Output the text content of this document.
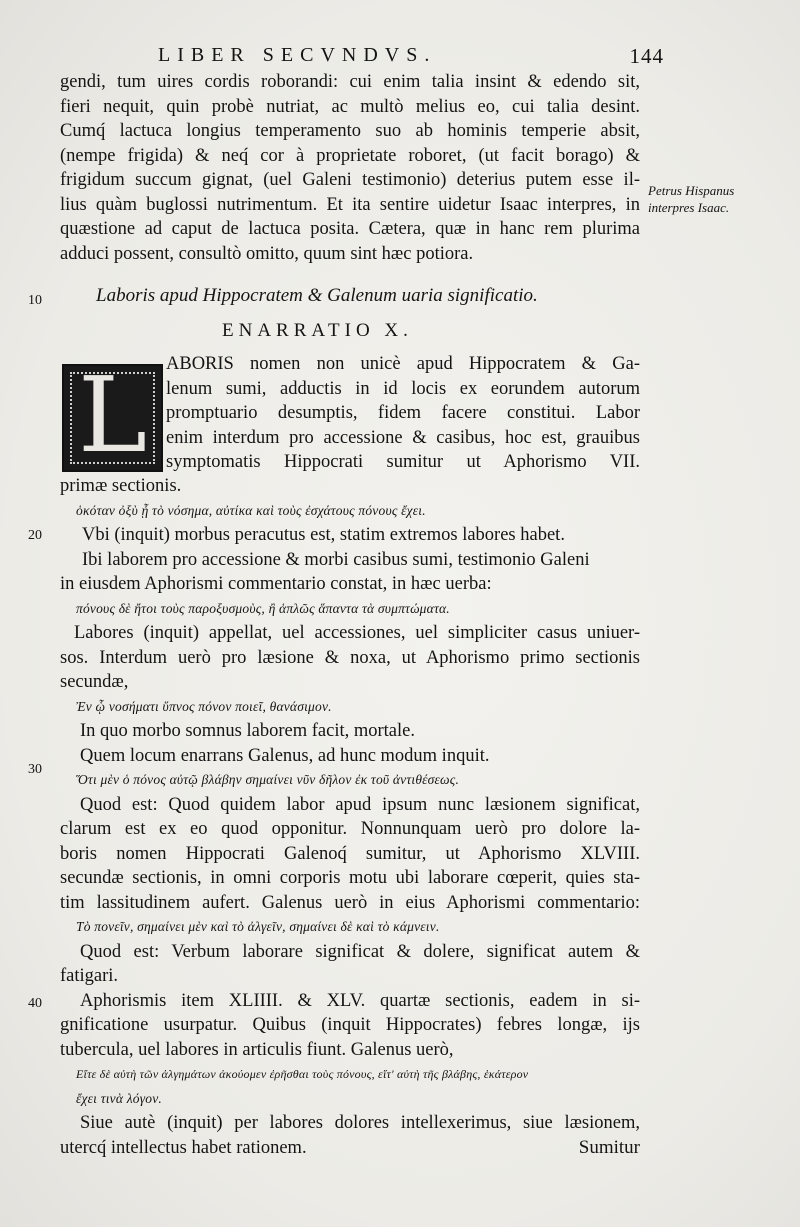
LIBER SECVNDVS.	144
gendi, tum uires cordis roborandi: cui enim talia insint & edendo sit,
fieri nequit, quin probè nutriat, ac multò melius eo, cui talia desint.
Cumq́ lactuca longius temperamento suo ab hominis temperie absit,
(nempe frigida) & neq́ cor à proprietate roboret, (ut facit borago) &
frigidum succum gignat, (uel Galeni testimonio) deterius putem esse il-
lius quàm buglossi nutrimentum. Et ita sentire uidetur Isaac interpres, in
quæstione ad caput de lactuca posita. Cætera, quæ in hanc rem plurima
adduci possent, consultò omitto, quum sint hæc potiora.
Petrus Hispanus interpres Isaac.
10	Laboris apud Hippocratem & Galenum uaria significatio.
ENARRATIO X.
L ABORIS nomen non unicè apud Hippocratem & Ga-
lenum sumi, adductis in id locis ex eorundem autorum
promptuario desumptis, fidem facere constitui. Labor
enim interdum pro accessione & casibus, hoc est, grauibus
symptomatis Hippocrati sumitur ut Aphorismo VII.
20
30
40
primæ sectionis.
ὁκόταν ὀξὺ ᾖ τὸ νόσημα, αὐτίκα καὶ τοὺς ἐσχάτους πόνους ἔχει.
Vbi (inquit) morbus peracutus est, statim extremos labores habet.
Ibi laborem pro accessione & morbi casibus sumi, testimonio Galeni
in eiusdem Aphorismi commentario constat, in hæc uerba:
πόνους δὲ ἤτοι τοὺς παροξυσμοὺς, ἢ ἁπλῶς ἅπαντα τὰ συμπτώματα.
Labores (inquit) appellat, uel accessiones, uel simpliciter casus uniuer-
sos. Interdum uerò pro læsione & noxa, ut Aphorismo primo sectionis
secundæ,
Ἐν ᾧ νοσήματι ὕπνος πόνον ποιεῖ, θανάσιμον.
In quo morbo somnus laborem facit, mortale.
Quem locum enarrans Galenus, ad hunc modum inquit.
Ὅτι μὲν ὁ πόνος αὐτῷ βλάβην σημαίνει νῦν δῆλον ἐκ τοῦ ἀντιθέσεως.
Quod est: Quod quidem labor apud ipsum nunc læsionem significat,
clarum est ex eo quod opponitur. Nonnunquam uerò pro dolore la-
boris nomen Hippocrati Galenoq́ sumitur, ut Aphorismo XLVIII.
secundæ sectionis, in omni corporis motu ubi laborare cœperit, quies sta-
tim lassitudinem aufert. Galenus uerò in eius Aphorismi commentario:
Τὸ πονεῖν, σημαίνει μὲν καὶ τὸ ἀλγεῖν, σημαίνει δὲ καὶ τὸ κάμνειν.
Quod est: Verbum laborare significat & dolere, significat autem &
fatigari.
Aphorismis item XLIIII. & XLV. quartæ sectionis, eadem in si-
gnificatione usurpatur. Quibus (inquit Hippocrates) febres longæ, ijs
tubercula, uel labores in articulis fiunt. Galenus uerò,
Εἴτε δὲ αὐτὴ τῶν ἀλγημάτων ἀκούομεν ἐρῆσθαι τοὺς πόνους, εἴτ' αὐτὴ τῆς βλάβης, ἑκάτερον
ἔχει τινὰ λόγον.
Siue autè (inquit) per labores dolores intellexerimus, siue læsionem,
utercq́ intellectus habet rationem.	Sumitur
